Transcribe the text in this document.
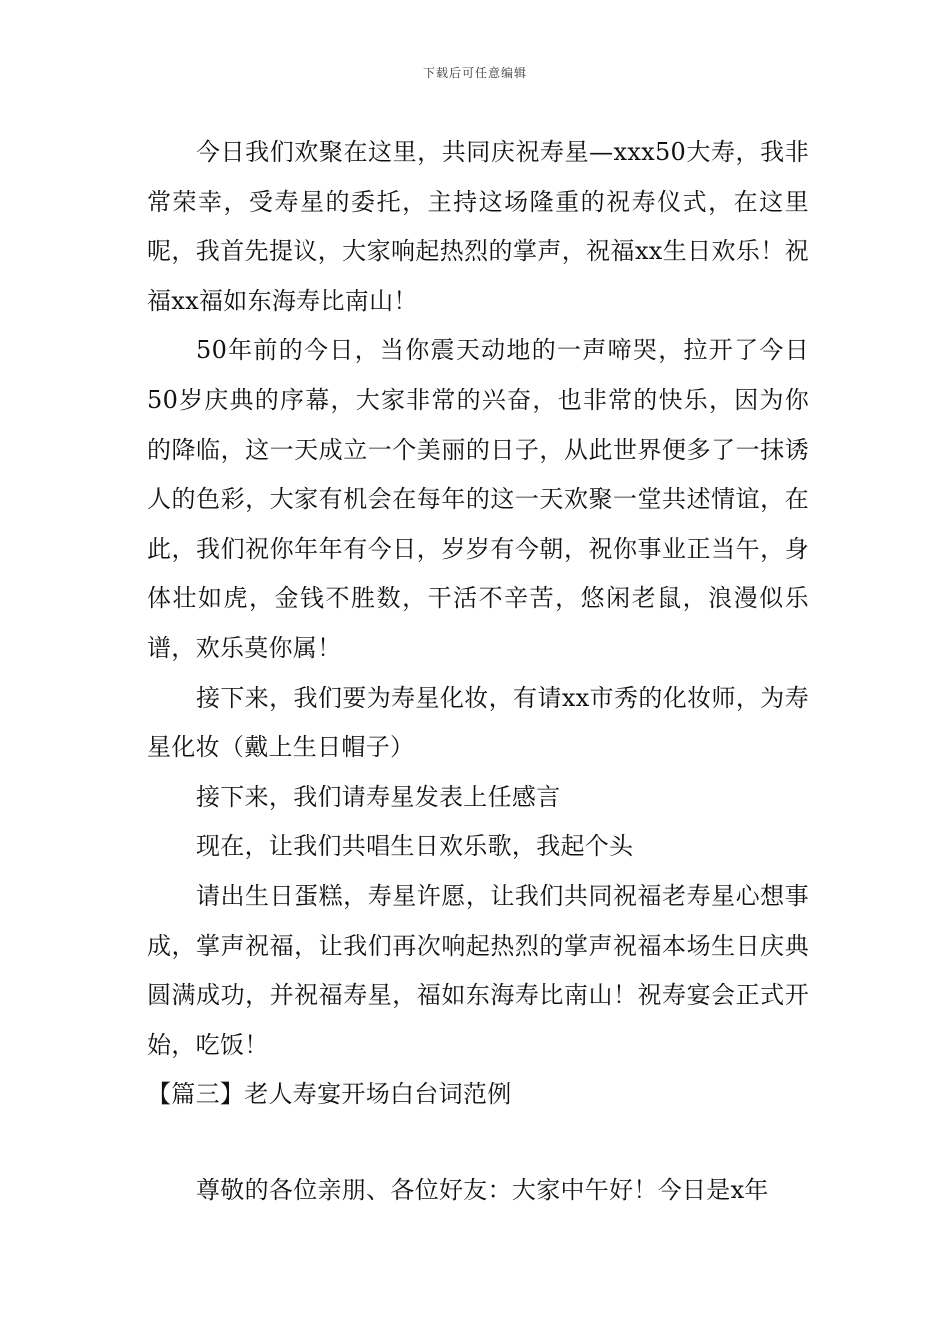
下载后可任意编辑

今日我们欢聚在这里，共同庆祝寿星—xxx50大寿，我非常荣幸，受寿星的委托，主持这场隆重的祝寿仪式，在这里呢，我首先提议，大家响起热烈的掌声，祝福xx生日欢乐！祝福xx福如东海寿比南山！

50年前的今日，当你震天动地的一声啼哭，拉开了今日50岁庆典的序幕，大家非常的兴奋，也非常的快乐，因为你的降临，这一天成立一个美丽的日子，从此世界便多了一抹诱人的色彩，大家有机会在每年的这一天欢聚一堂共述情谊，在此，我们祝你年年有今日，岁岁有今朝，祝你事业正当午，身体壮如虎，金钱不胜数，干活不辛苦，悠闲老鼠，浪漫似乐谱，欢乐莫你属！

接下来，我们要为寿星化妆，有请xx市秀的化妆师，为寿星化妆（戴上生日帽子）

接下来，我们请寿星发表上任感言

现在，让我们共唱生日欢乐歌，我起个头

请出生日蛋糕，寿星许愿，让我们共同祝福老寿星心想事成，掌声祝福，让我们再次响起热烈的掌声祝福本场生日庆典圆满成功，并祝福寿星，福如东海寿比南山！祝寿宴会正式开始，吃饭！

【篇三】老人寿宴开场白台词范例

尊敬的各位亲朋、各位好友：大家中午好！今日是x年
